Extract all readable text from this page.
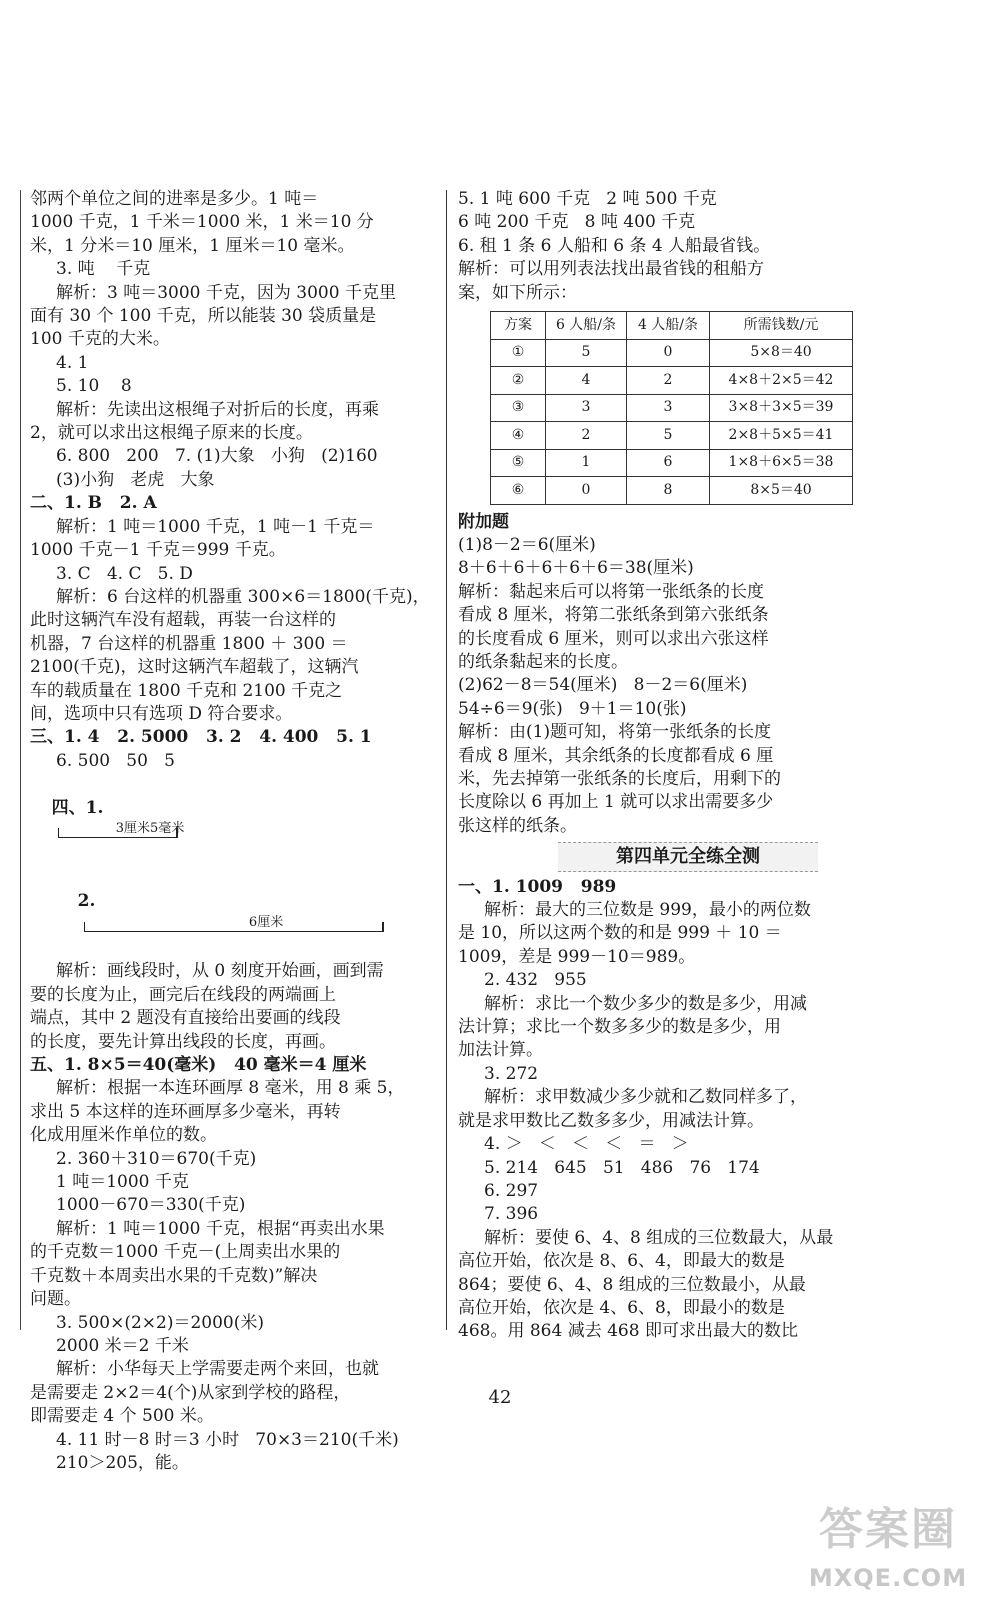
邻两个单位之间的进率是多少。1 吨＝
1000 千克，1 千米＝1000 米，1 米＝10 分
米，1 分米＝10 厘米，1 厘米＝10 毫米。
3. 吨    千克
解析：3 吨＝3000 千克，因为 3000 千克里
面有 30 个 100 千克，所以能装 30 袋质量是
100 千克的大米。
4. 1
5. 10    8
解析：先读出这根绳子对折后的长度，再乘
2，就可以求出这根绳子原来的长度。
6. 800   200   7. (1)大象   小狗   (2)160
(3)小狗   老虎   大象
二、1. B   2. A
解析：1 吨＝1000 千克，1 吨－1 千克＝
1000 千克－1 千克＝999 千克。
3. C   4. C   5. D
解析：6 台这样的机器重 300×6＝1800(千克)，
此时这辆汽车没有超载，再装一台这样的
机器，7 台这样的机器重 1800 ＋ 300 ＝
2100(千克)，这时这辆汽车超载了，这辆汽
车的载质量在 1800 千克和 2100 千克之
间，选项中只有选项 D 符合要求。
三、1. 4   2. 5000   3. 2   4. 400   5. 1
6. 500   50   5

四、1.

3厘米5毫米

2.

6厘米

解析：画线段时，从 0 刻度开始画，画到需
要的长度为止，画完后在线段的两端画上
端点，其中 2 题没有直接给出要画的线段
的长度，要先计算出线段的长度，再画。
五、1. 8×5＝40(毫米)   40 毫米＝4 厘米
解析：根据一本连环画厚 8 毫米，用 8 乘 5，
求出 5 本这样的连环画厚多少毫米，再转
化成用厘米作单位的数。
2. 360＋310＝670(千克)
1 吨＝1000 千克
1000－670＝330(千克)
解析：1 吨＝1000 千克，根据“再卖出水果
的千克数＝1000 千克－(上周卖出水果的
千克数＋本周卖出水果的千克数)”解决
问题。
3. 500×(2×2)＝2000(米)
2000 米＝2 千米
解析：小华每天上学需要走两个来回，也就
是需要走 2×2＝4(个)从家到学校的路程，
即需要走 4 个 500 米。
4. 11 时－8 时＝3 小时   70×3＝210(千米)
210＞205，能。
5. 1 吨 600 千克   2 吨 500 千克
6 吨 200 千克   8 吨 400 千克
6. 租 1 条 6 人船和 6 条 4 人船最省钱。
解析：可以用列表法找出最省钱的租船方
案，如下所示：
方案	6 人船/条	4 人船/条	所需钱数/元
①	5	0	5×8＝40
②	4	2	4×8＋2×5＝42
③	3	3	3×8＋3×5＝39
④	2	5	2×8＋5×5＝41
⑤	1	6	1×8＋6×5＝38
⑥	0	8	8×5＝40
附加题
(1)8－2＝6(厘米)
8＋6＋6＋6＋6＋6＝38(厘米)
解析：黏起来后可以将第一张纸条的长度
看成 8 厘米，将第二张纸条到第六张纸条
的长度看成 6 厘米，则可以求出六张这样
的纸条黏起来的长度。
(2)62－8＝54(厘米)   8－2＝6(厘米)
54÷6＝9(张)   9＋1＝10(张)
解析：由(1)题可知，将第一张纸条的长度
看成 8 厘米，其余纸条的长度都看成 6 厘
米，先去掉第一张纸条的长度后，用剩下的
长度除以 6 再加上 1 就可以求出需要多少
张这样的纸条。
第四单元全练全测
一、1. 1009   989
解析：最大的三位数是 999，最小的两位数
是 10，所以这两个数的和是 999 ＋ 10 ＝
1009，差是 999－10＝989。
2. 432   955
解析：求比一个数少多少的数是多少，用减
法计算；求比一个数多多少的数是多少，用
加法计算。
3. 272
解析：求甲数减少多少就和乙数同样多了，
就是求甲数比乙数多多少，用减法计算。
4. ＞   ＜   ＜   ＜   ＝   ＞
5. 214   645   51   486   76   174
6. 297
7. 396
解析：要使 6、4、8 组成的三位数最大，从最
高位开始，依次是 8、6、4，即最大的数是
864；要使 6、4、8 组成的三位数最小，从最
高位开始，依次是 4、6、8，即最小的数是
468。用 864 减去 468 即可求出最大的数比
42
答案圈
MXQE.COM
